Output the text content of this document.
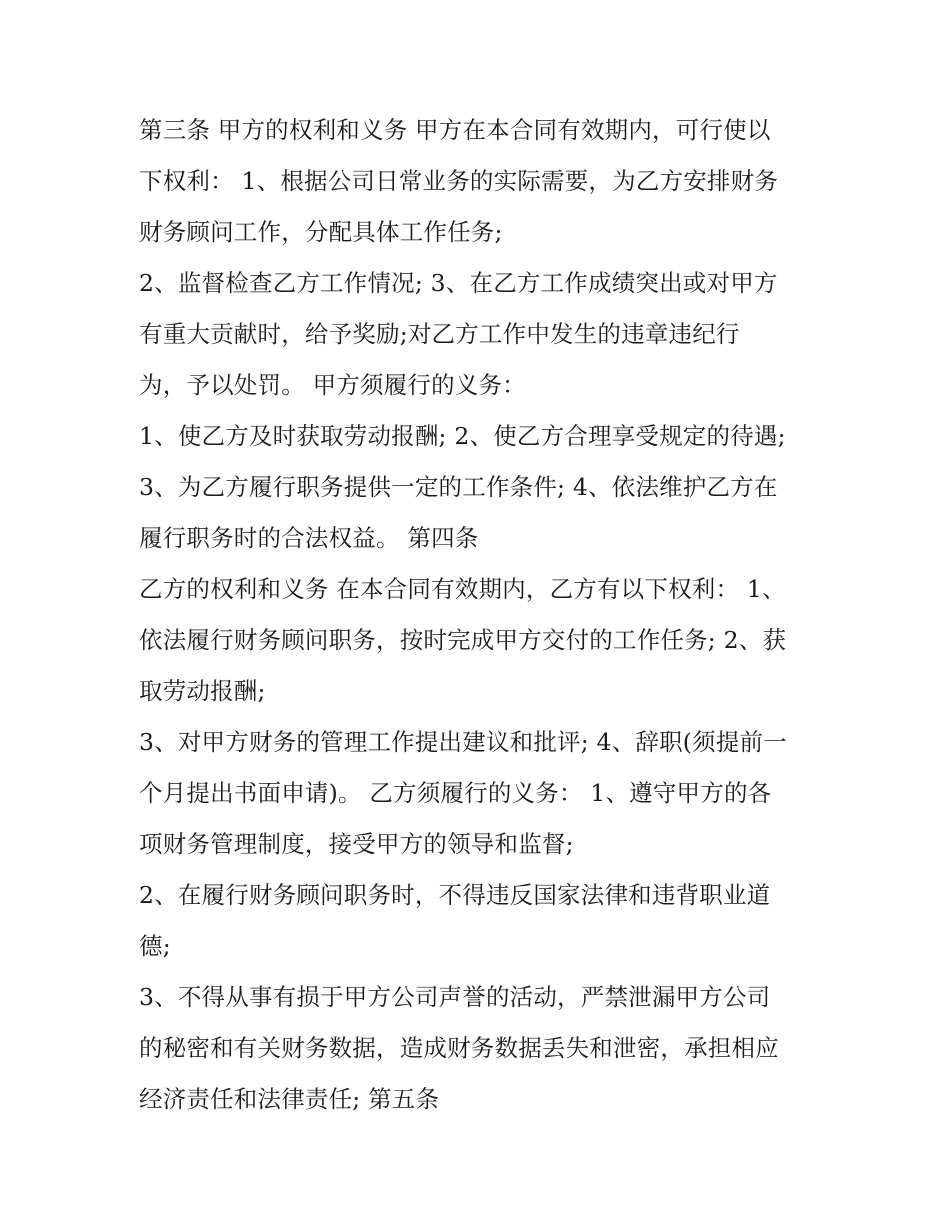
第三条 甲方的权利和义务 甲方在本合同有效期内，可行使以
下权利： 1、根据公司日常业务的实际需要，为乙方安排财务
财务顾问工作，分配具体工作任务;
2、监督检查乙方工作情况; 3、在乙方工作成绩突出或对甲方
有重大贡献时，给予奖励;对乙方工作中发生的违章违纪行
为，予以处罚。 甲方须履行的义务：
1、使乙方及时获取劳动报酬; 2、使乙方合理享受规定的待遇;
3、为乙方履行职务提供一定的工作条件; 4、依法维护乙方在
履行职务时的合法权益。 第四条
乙方的权利和义务 在本合同有效期内，乙方有以下权利： 1、
依法履行财务顾问职务，按时完成甲方交付的工作任务; 2、获
取劳动报酬;
3、对甲方财务的管理工作提出建议和批评; 4、辞职(须提前一
个月提出书面申请)。 乙方须履行的义务： 1、遵守甲方的各
项财务管理制度，接受甲方的领导和监督;
2、在履行财务顾问职务时，不得违反国家法律和违背职业道
德;
3、不得从事有损于甲方公司声誉的活动，严禁泄漏甲方公司
的秘密和有关财务数据，造成财务数据丢失和泄密，承担相应
经济责任和法律责任; 第五条
